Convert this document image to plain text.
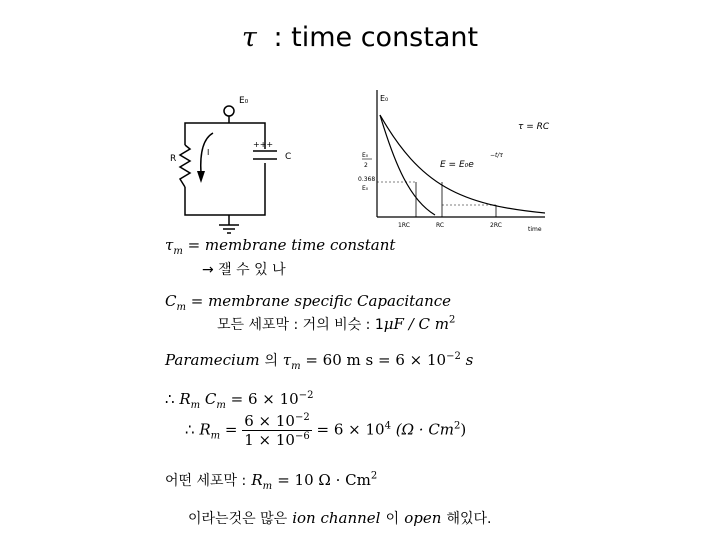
τ : time constant
E₀
R
I
+++
C
E₀
E₀
2
0.368
E₀
1RC	RC	2RC
time
τ = RC
E = E₀e
−t/τ
$\tau_m$ = membrane time constant
→ 잴 수 있 나
$C_m$ = membrane specific Capacitance
모든 세포막 : 거의 비슷 : 1μF / C $m^2$
Paramecium 의 $\tau_m = 60$ m $s = 6 \times 10^{-2}$ s
∴ $R_m$ $C_m = 6 \times 10^{-2}$
∴ $R_m = \frac{6 \times 10^{-2}}{1 \times 10^{-6}} = 6 \times 10^4$ $(\Omega \cdot Cm^2)$
어떤 세포막 : $R_m = 10$ $\Omega \cdot Cm^2$
이라는것은 많은 ion channel 이 open 해있다.
